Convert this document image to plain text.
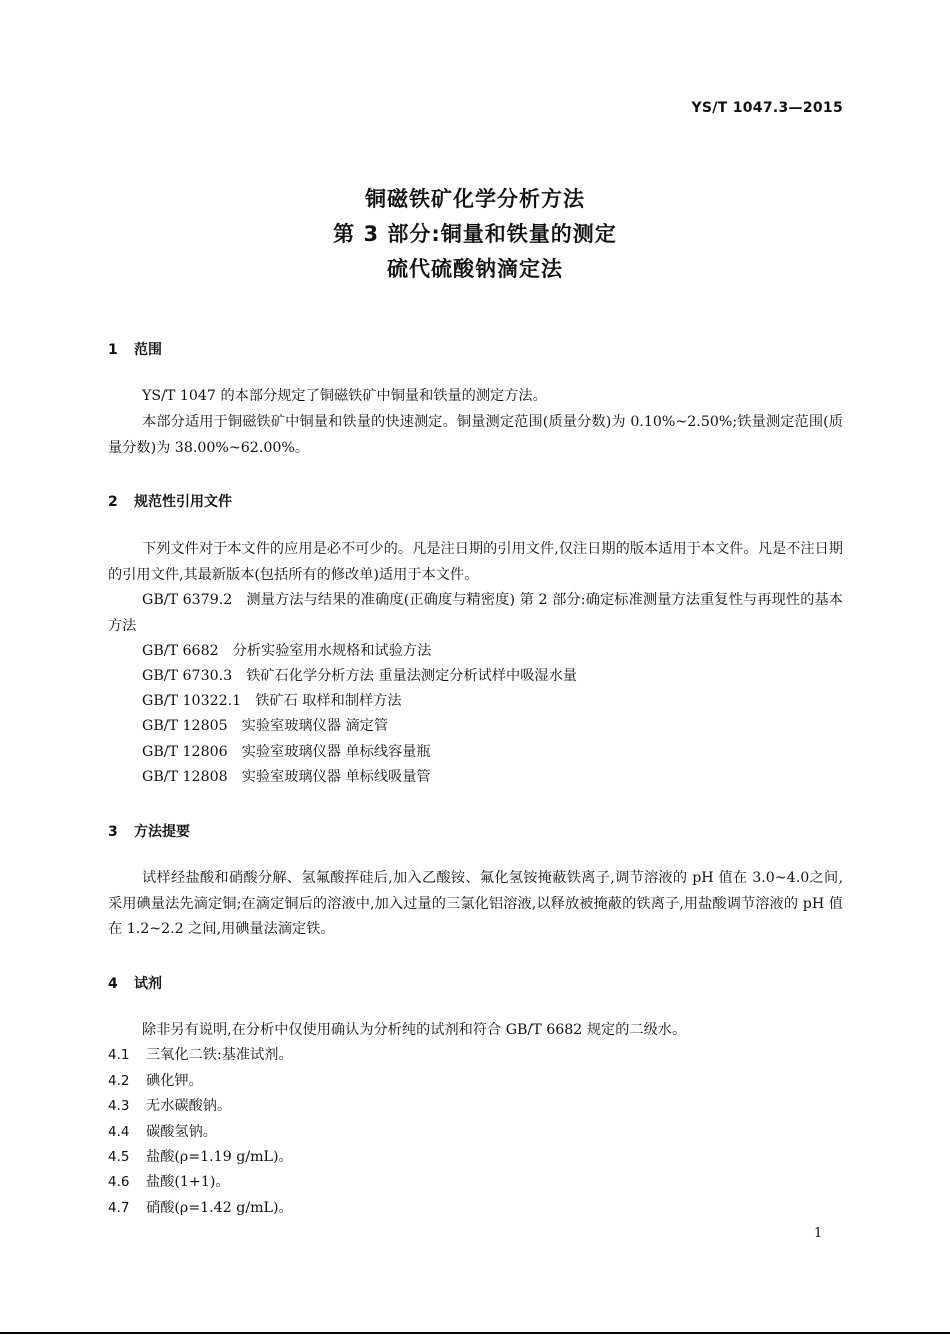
YS/T 1047.3—2015
铜磁铁矿化学分析方法
第 3 部分:铜量和铁量的测定
硫代硫酸钠滴定法
1 范围

YS/T 1047 的本部分规定了铜磁铁矿中铜量和铁量的测定方法。

本部分适用于铜磁铁矿中铜量和铁量的快速测定。铜量测定范围(质量分数)为 0.10%~2.50%;铁量测定范围(质量分数)为 38.00%~62.00%。

2 规范性引用文件

下列文件对于本文件的应用是必不可少的。凡是注日期的引用文件,仅注日期的版本适用于本文件。凡是不注日期的引用文件,其最新版本(包括所有的修改单)适用于本文件。

GB/T 6379.2 测量方法与结果的准确度(正确度与精密度) 第 2 部分:确定标准测量方法重复性与再现性的基本方法

GB/T 6682 分析实验室用水规格和试验方法
GB/T 6730.3 铁矿石化学分析方法 重量法测定分析试样中吸湿水量
GB/T 10322.1 铁矿石 取样和制样方法
GB/T 12805 实验室玻璃仪器 滴定管
GB/T 12806 实验室玻璃仪器 单标线容量瓶
GB/T 12808 实验室玻璃仪器 单标线吸量管
3 方法提要

试样经盐酸和硝酸分解、氢氟酸挥硅后,加入乙酸铵、氟化氢铵掩蔽铁离子,调节溶液的 pH 值在 3.0~4.0之间,采用碘量法先滴定铜;在滴定铜后的溶液中,加入过量的三氯化铝溶液,以释放被掩蔽的铁离子,用盐酸调节溶液的 pH 值在 1.2~2.2 之间,用碘量法滴定铁。

4 试剂

除非另有说明,在分析中仅使用确认为分析纯的试剂和符合 GB/T 6682 规定的二级水。

4.1 三氧化二铁:基准试剂。
4.2 碘化钾。
4.3 无水碳酸钠。
4.4 碳酸氢钠。
4.5 盐酸(ρ=1.19 g/mL)。
4.6 盐酸(1+1)。
4.7 硝酸(ρ=1.42 g/mL)。
1
